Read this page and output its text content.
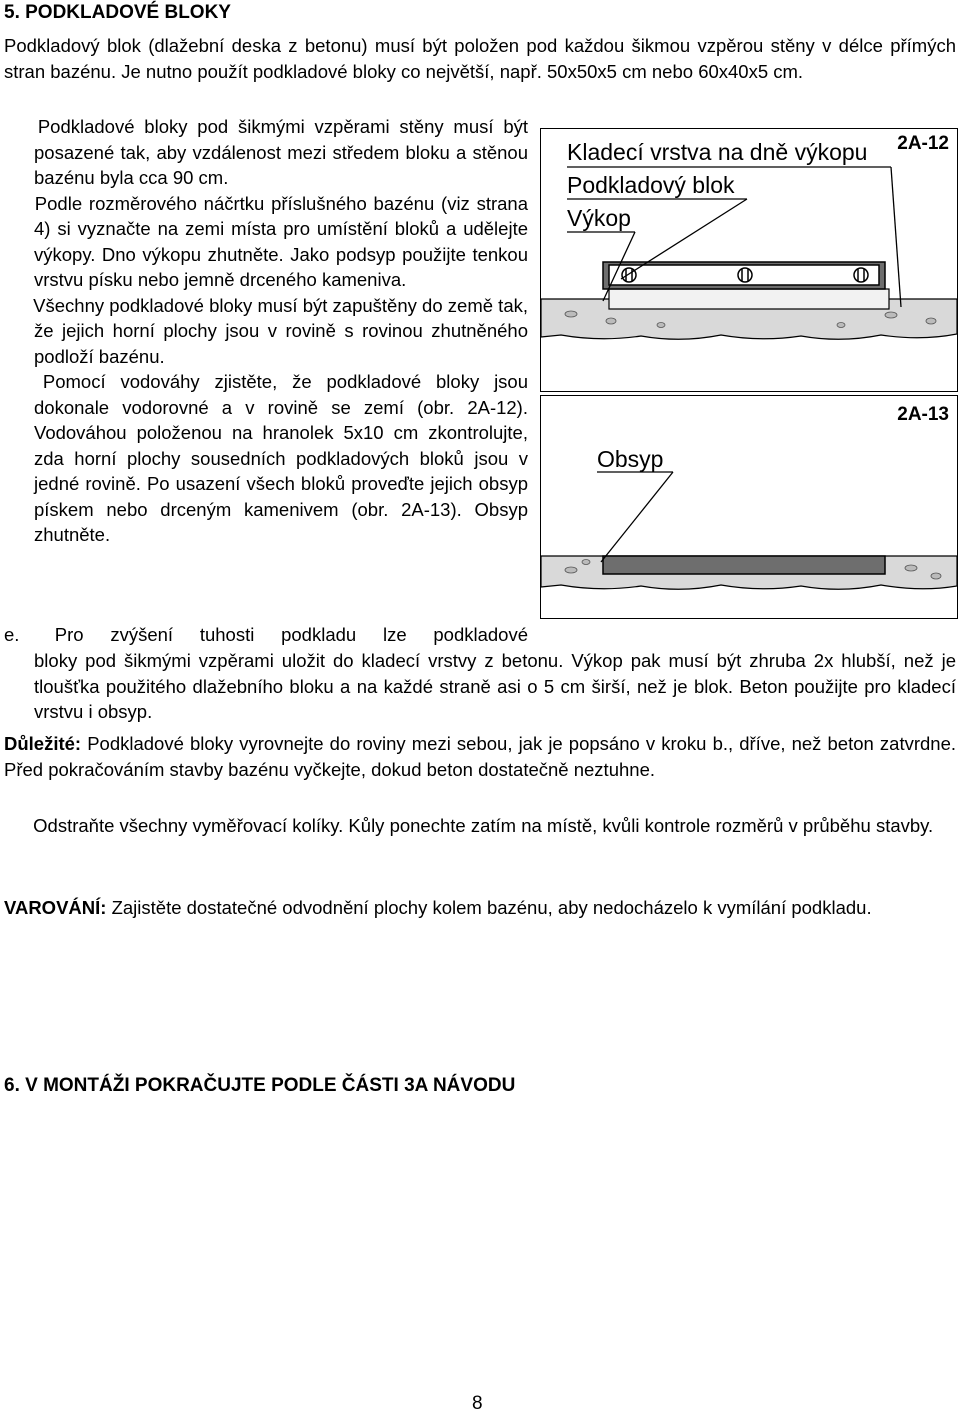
5. PODKLADOVÉ BLOKY

Podkladový blok (dlažební deska z betonu) musí být položen pod každou šikmou vzpěrou stěny v délce přímých stran bazénu. Je nutno použít podkladové bloky co největší, např. 50x50x5 cm nebo 60x40x5 cm.

Podkladové bloky pod šikmými vzpěrami stěny musí být posazené tak, aby vzdálenost mezi středem bloku a stěnou bazénu byla cca 90 cm.

Podle rozměrového náčrtku příslušného bazénu (viz strana 4) si vyznačte na zemi místa pro umístění bloků a udělejte výkopy. Dno výkopu zhutněte. Jako podsyp použijte tenkou vrstvu písku nebo jemně drceného kameniva.

Všechny podkladové bloky musí být zapuštěny do země tak, že jejich horní plochy jsou v rovině s rovinou zhutněného podloží bazénu.

Pomocí vodováhy zjistěte, že podkladové bloky jsou dokonale vodorovné a v rovině se zemí (obr. 2A-12). Vodováhou položenou na hranolek 5x10 cm zkontrolujte, zda horní plochy sousedních podkladových bloků jsou v jedné rovině. Po usazení všech bloků proveďte jejich obsyp pískem nebo drceným kamenivem (obr. 2A-13). Obsyp zhutněte.

e. Pro zvýšení tuhosti podkladu lze podkladové

bloky pod šikmými vzpěrami uložit do kladecí vrstvy z betonu. Výkop pak musí být zhruba 2x hlubší, než je tloušťka použitého dlažebního bloku a na každé straně asi o 5 cm širší, než je blok. Beton použijte pro kladecí vrstvu i obsyp.

Důležité: Podkladové bloky vyrovnejte do roviny mezi sebou, jak je popsáno v kroku b., dříve, než beton zatvrdne. Před pokračováním stavby bazénu vyčkejte, dokud beton dostatečně neztuhne.

Odstraňte všechny vyměřovací kolíky. Kůly ponechte zatím na místě, kvůli kontrole rozměrů v průběhu stavby.

VAROVÁNÍ: Zajistěte dostatečné odvodnění plochy kolem bazénu, aby nedocházelo k vymílání podkladu.

6. V MONTÁŽI POKRAČUJTE PODLE ČÁSTI 3A NÁVODU
8
Kladecí vrstva na dně výkopu
Podkladový blok
Výkop
2A-12
Obsyp
2A-13
